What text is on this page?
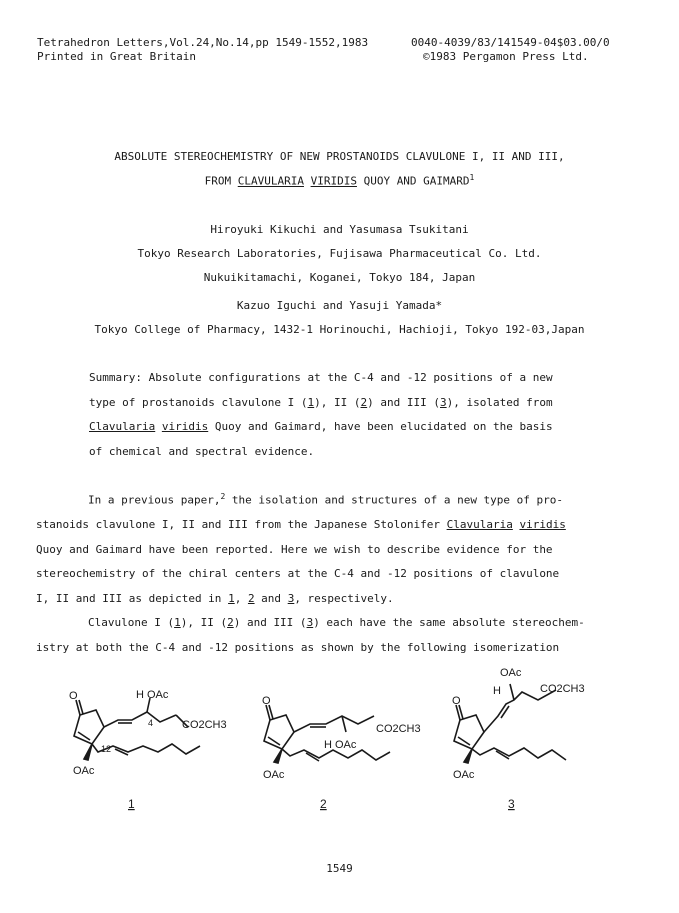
Tetrahedron Letters,Vol.24,No.14,pp 1549-1552,1983	0040-4039/83/141549-04$03.00/0
Printed in Great Britain	©1983 Pergamon Press Ltd.
ABSOLUTE STEREOCHEMISTRY OF NEW PROSTANOIDS CLAVULONE I, II AND III,
FROM CLAVULARIA VIRIDIS QUOY AND GAIMARD$^1$
Hiroyuki Kikuchi and Yasumasa Tsukitani
Tokyo Research Laboratories, Fujisawa Pharmaceutical Co. Ltd.
Nukuikitamachi, Koganei, Tokyo 184, Japan
Kazuo Iguchi and Yasuji Yamada*
Tokyo College of Pharmacy, 1432-1 Horinouchi, Hachioji, Tokyo 192-03,Japan

Summary: Absolute configurations at the C-4 and -12 positions of a new

type of prostanoids clavulone I (1), II (2) and III (3), isolated from

Clavularia viridis Quoy and Gaimard, have been elucidated on the basis

of chemical and spectral evidence.

In a previous paper,$^2$ the isolation and structures of a new type of pro-

stanoids clavulone I, II and III from the Japanese Stolonifer Clavularia viridis

Quoy and Gaimard have been reported. Here we wish to describe evidence for the

stereochemistry of the chiral centers at the C-4 and -12 positions of clavulone

I, II and III as depicted in 1, 2 and 3, respectively.

Clavulone I (1), II (2) and III (3) each have the same absolute stereochem-

istry at both the C-4 and -12 positions as shown by the following isomerization

O	H OAc
4
12
CO2CH3
OAc
O
CO2CH3
H OAc
OAc
O
OAc
H	CO2CH3
OAc
1	2	3
1549
